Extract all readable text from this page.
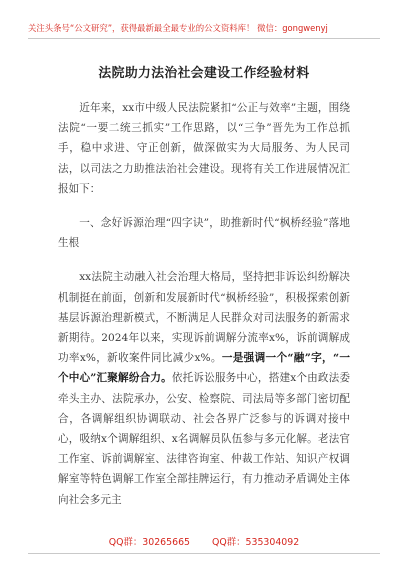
关注头条号“公文研究”，获得最新最全最专业的公文资料库！ 微信：gongwenyj
法院助力法治社会建设工作经验材料

近年来，xx市中级人民法院紧扣“公正与效率”主题，围绕法院“一要二统三抓实”工作思路，以“三争”晋先为工作总抓手，稳中求进、守正创新，做深做实为大局服务、为人民司法，以司法之力助推法治社会建设。现将有关工作进展情况汇报如下：

一、念好诉源治理“四字诀”，助推新时代“枫桥经验”落地生根

xx法院主动融入社会治理大格局，坚持把非诉讼纠纷解决机制挺在前面，创新和发展新时代“枫桥经验”，积极探索创新基层诉源治理新模式，不断满足人民群众对司法服务的新需求新期待。2024年以来，实现诉前调解分流率x%，诉前调解成功率x%，新收案件同比减少x%。一是强调一个“融”字，“一个中心”汇聚解纷合力。依托诉讼服务中心，搭建x个由政法委牵头主办、法院承办，公安、检察院、司法局等多部门密切配合，各调解组织协调联动、社会各界广泛参与的诉调对接中心，吸纳x个调解组织、x名调解员队伍参与多元化解。老法官工作室、诉前调解室、法律咨询室、仲裁工作站、知识产权调解室等特色调解工作室全部挂牌运行，有力推动矛盾调处主体向社会多元主

QQ群：30265665 QQ群：535304092
